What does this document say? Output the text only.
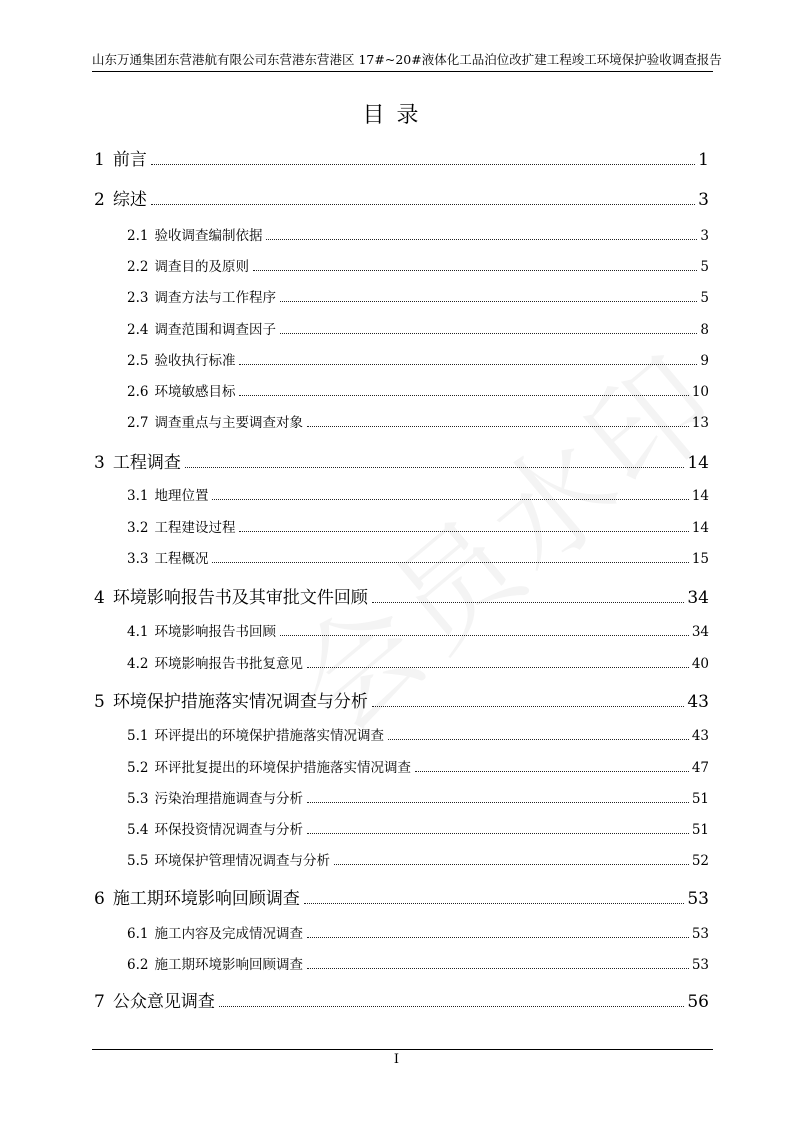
山东万通集团东营港航有限公司东营港东营港区 17#~20#液体化工品泊位改扩建工程竣工环境保护验收调查报告
目录
1 前言	1
2 综述	3
2.1 验收调查编制依据	3
2.2 调查目的及原则	5
2.3 调查方法与工作程序	5
2.4 调查范围和调查因子	8
2.5 验收执行标准	9
2.6 环境敏感目标	10
2.7 调查重点与主要调查对象	13
3 工程调查	14
3.1 地理位置	14
3.2 工程建设过程	14
3.3 工程概况	15
4 环境影响报告书及其审批文件回顾	34
4.1 环境影响报告书回顾	34
4.2 环境影响报告书批复意见	40
5 环境保护措施落实情况调查与分析	43
5.1 环评提出的环境保护措施落实情况调查	43
5.2 环评批复提出的环境保护措施落实情况调查	47
5.3 污染治理措施调查与分析	51
5.4 环保投资情况调查与分析	51
5.5 环境保护管理情况调查与分析	52
6 施工期环境影响回顾调查	53
6.1 施工内容及完成情况调查	53
6.2 施工期环境影响回顾调查	53
7 公众意见调查	56
I
